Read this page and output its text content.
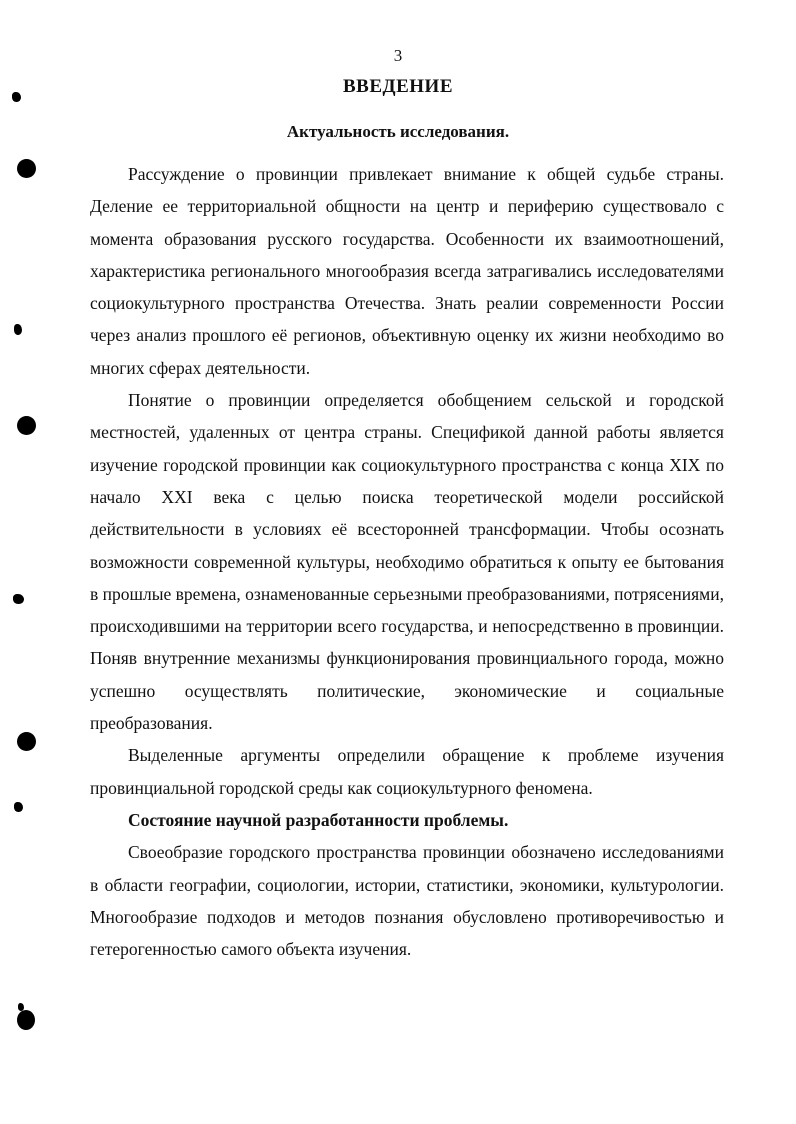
3
ВВЕДЕНИЕ
Актуальность исследования.

Рассуждение о провинции привлекает внимание к общей судьбе страны. Деление ее территориальной общности на центр и периферию существовало с момента образования русского государства. Особенности их взаимоотношений, характеристика регионального многообразия всегда затрагивались исследователями социокультурного пространства Отечества. Знать реалии современности России через анализ прошлого её регионов, объективную оценку их жизни необходимо во многих сферах деятельности.

Понятие о провинции определяется обобщением сельской и городской местностей, удаленных от центра страны. Спецификой данной работы является изучение городской провинции как социокультурного пространства с конца XIX по начало XXI века с целью поиска теоретической модели российской действительности в условиях её всесторонней трансформации. Чтобы осознать возможности современной культуры, необходимо обратиться к опыту ее бытования в прошлые времена, ознаменованные серьезными преобразованиями, потрясениями, происходившими на территории всего государства, и непосредственно в провинции. Поняв внутренние механизмы функционирования провинциального города, можно успешно осуществлять политические, экономические и социальные преобразования.

Выделенные аргументы определили обращение к проблеме изучения провинциальной городской среды как социокультурного феномена.

Состояние научной разработанности проблемы.

Своеобразие городского пространства провинции обозначено исследованиями в области географии, социологии, истории, статистики, экономики, культурологии. Многообразие подходов и методов познания обусловлено противоречивостью и гетерогенностью самого объекта изучения.
